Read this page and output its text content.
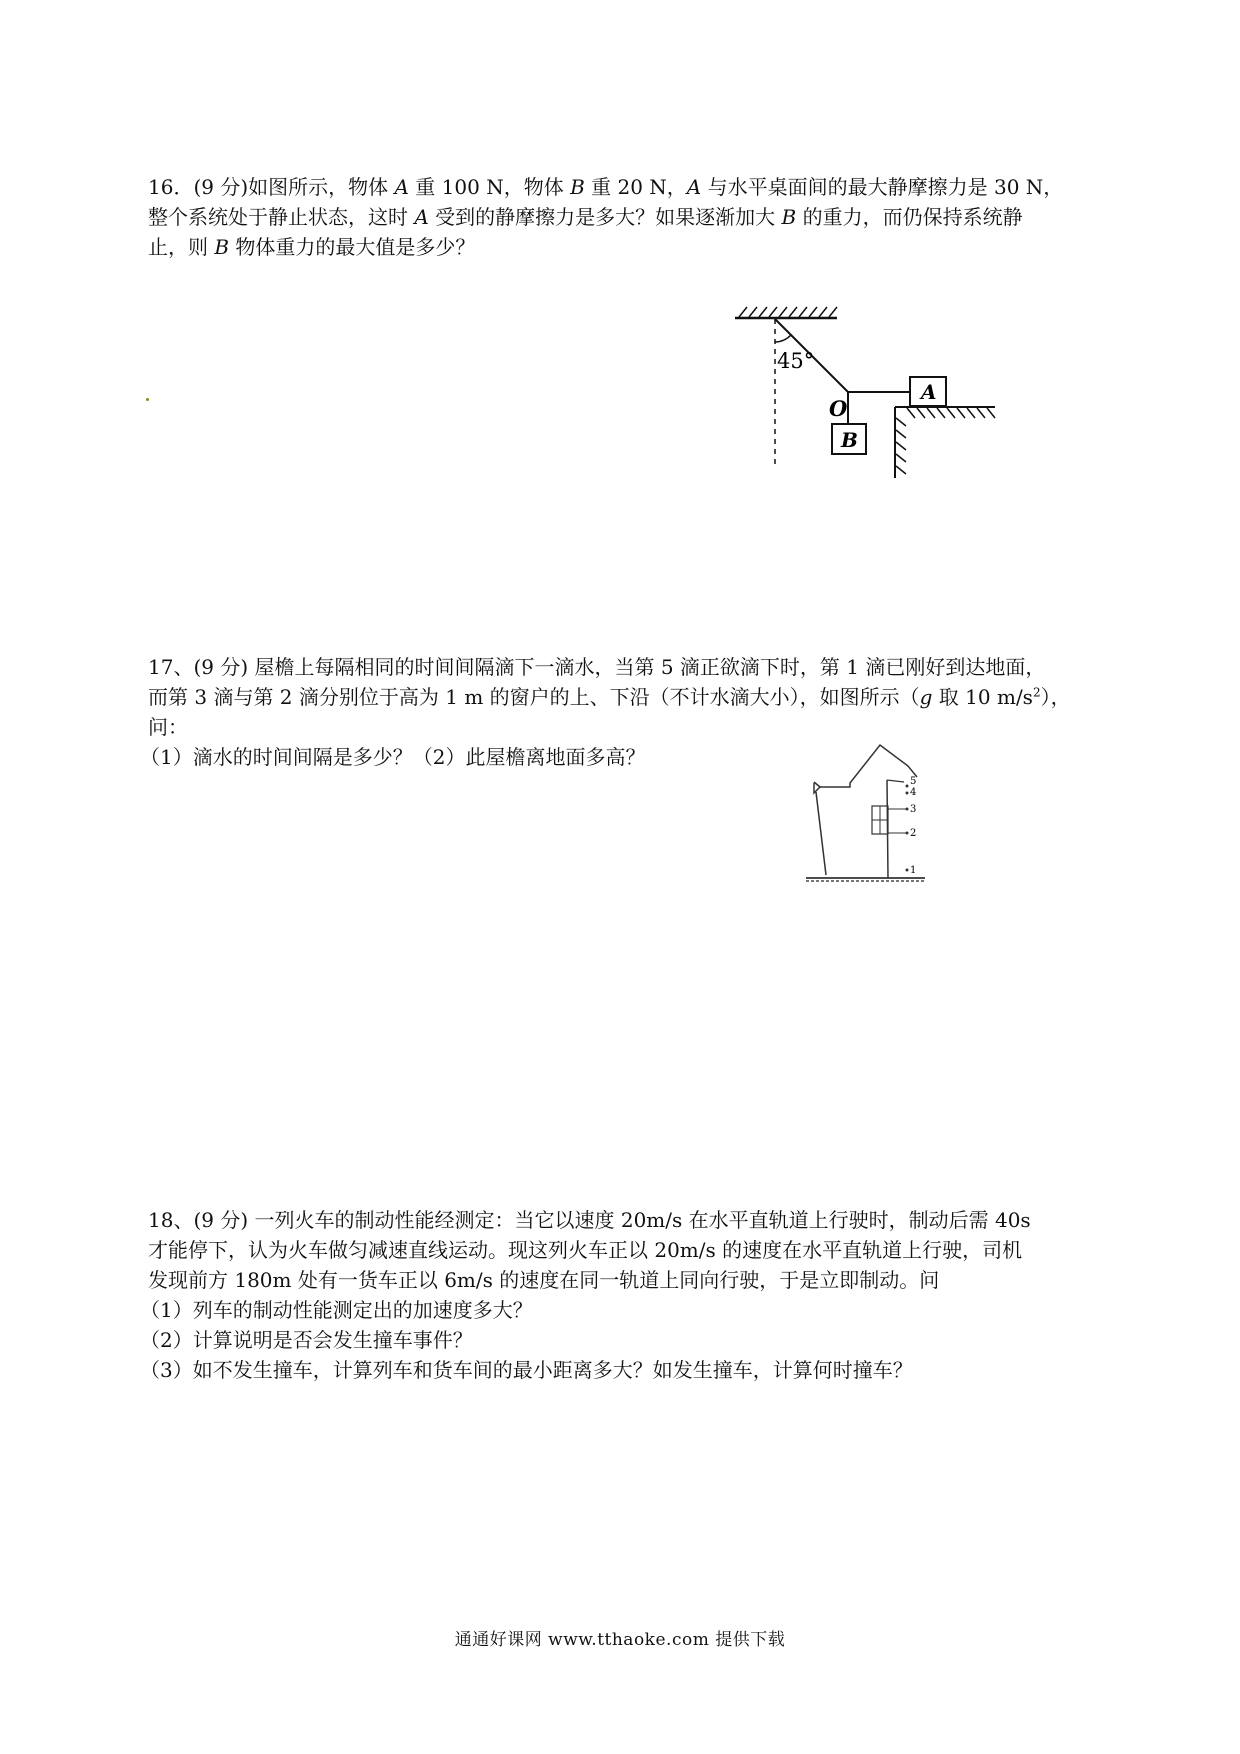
16．(9 分)如图所示，物体 A 重 100 N，物体 B 重 20 N，A 与水平桌面间的最大静摩擦力是 30 N，
整个系统处于静止状态，这时 A 受到的静摩擦力是多大？如果逐渐加大 B 的重力，而仍保持系统静
止，则 B 物体重力的最大值是多少？
45°
O
A
B
17、(9 分) 屋檐上每隔相同的时间间隔滴下一滴水，当第 5 滴正欲滴下时，第 1 滴已刚好到达地面，
而第 3 滴与第 2 滴分别位于高为 1 m 的窗户的上、下沿（不计水滴大小），如图所示（g 取 10 $m/s^2$），
问：
（1）滴水的时间间隔是多少？（2）此屋檐离地面多高？
5
4
3
2
1
18、(9 分) 一列火车的制动性能经测定：当它以速度 20m/s 在水平直轨道上行驶时，制动后需 40s
才能停下，认为火车做匀减速直线运动。现这列火车正以 20m/s 的速度在水平直轨道上行驶，司机
发现前方 180m 处有一货车正以 6m/s 的速度在同一轨道上同向行驶，于是立即制动。问
（1）列车的制动性能测定出的加速度多大？
（2）计算说明是否会发生撞车事件？
（3）如不发生撞车，计算列车和货车间的最小距离多大？如发生撞车，计算何时撞车？
通通好课网 www.tthaoke.com 提供下载
